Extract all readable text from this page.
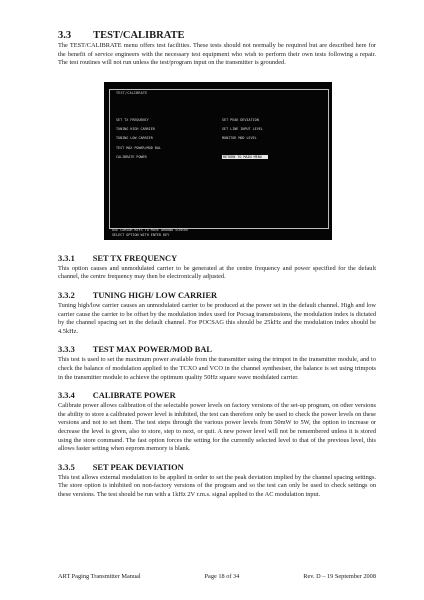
3.3 TEST/CALIBRATE

The TEST/CALIBRATE menu offers test facilities. These tests should not normally be required but are described here for the benefit of service engineers with the necessary test equipment who wish to perform their own tests following a repair. The test routines will not run unless the test/program input on the transmitter is grounded.

TEST/CALIBRATE
SET TX FREQUENCY
TUNING HIGH CARRIER
TUNING LOW CARRIER
TEST MAX POWER/MOD BAL
CALIBRATE POWER
SET PEAK DEVIATION
SET LINE INPUT LEVEL
MONITOR MOD LEVEL
RETURN TO MAIN MENU
USE CURSOR KEYS TO MOVE AROUND SCREEN
SELECT OPTION WITH ENTER KEY
3.3.1 SET TX FREQUENCY

This option causes and unmodulated carrier to be generated at the centre frequency and power specified for the default channel, the centre frequency may then be electronically adjusted.

3.3.2 TUNING HIGH/ LOW CARRIER

Tuning high/low carrier causes an unmodulated carrier to be produced at the power set in the default channel. High and low carrier cause the carrier to be offset by the modulation index used for Pocsag transmissions, the modulation index is dictated by the channel spacing set in the default channel. For POCSAG this should be 25kHz and the modulation index should be 4.5kHz.

3.3.3 TEST MAX POWER/MOD BAL

This test is used to set the maximum power available from the transmitter using the trimpot in the transmitter module, and to check the balance of modulation applied to the TCXO and VCO in the channel synthesiser, the balance is set using trimpots in the transmitter module to achieve the optimum quality 50Hz square wave modulated carrier.

3.3.4 CALIBRATE POWER

Calibrate power allows calibration of the selectable power levels on factory versions of the set-up program, on other versions the ability to store a calibrated power level is inhibited, the test can therefore only be used to check the power levels on these versions and not to set them. The test steps through the various power levels from 50mW to 5W, the option to increase or decrease the level is given, also to store, step to next, or quit. A new power level will not be remembered unless it is stored using the store command. The fast option forces the setting for the currently selected level to that of the previous level, this allows faster setting when eeprom memory is blank.

3.3.5 SET PEAK DEVIATION

This test allows external modulation to be applied in order to set the peak deviation implied by the channel spacing settings. The store option is inhibited on non-factory versions of the program and so the test can only be used to check settings on these versions. The test should be run with a 1kHz 2V r.m.s. signal applied to the AC modulation input.

ART Paging Transmitter Manual	Page 18 of 34	Rev. D – 19 September 2008
